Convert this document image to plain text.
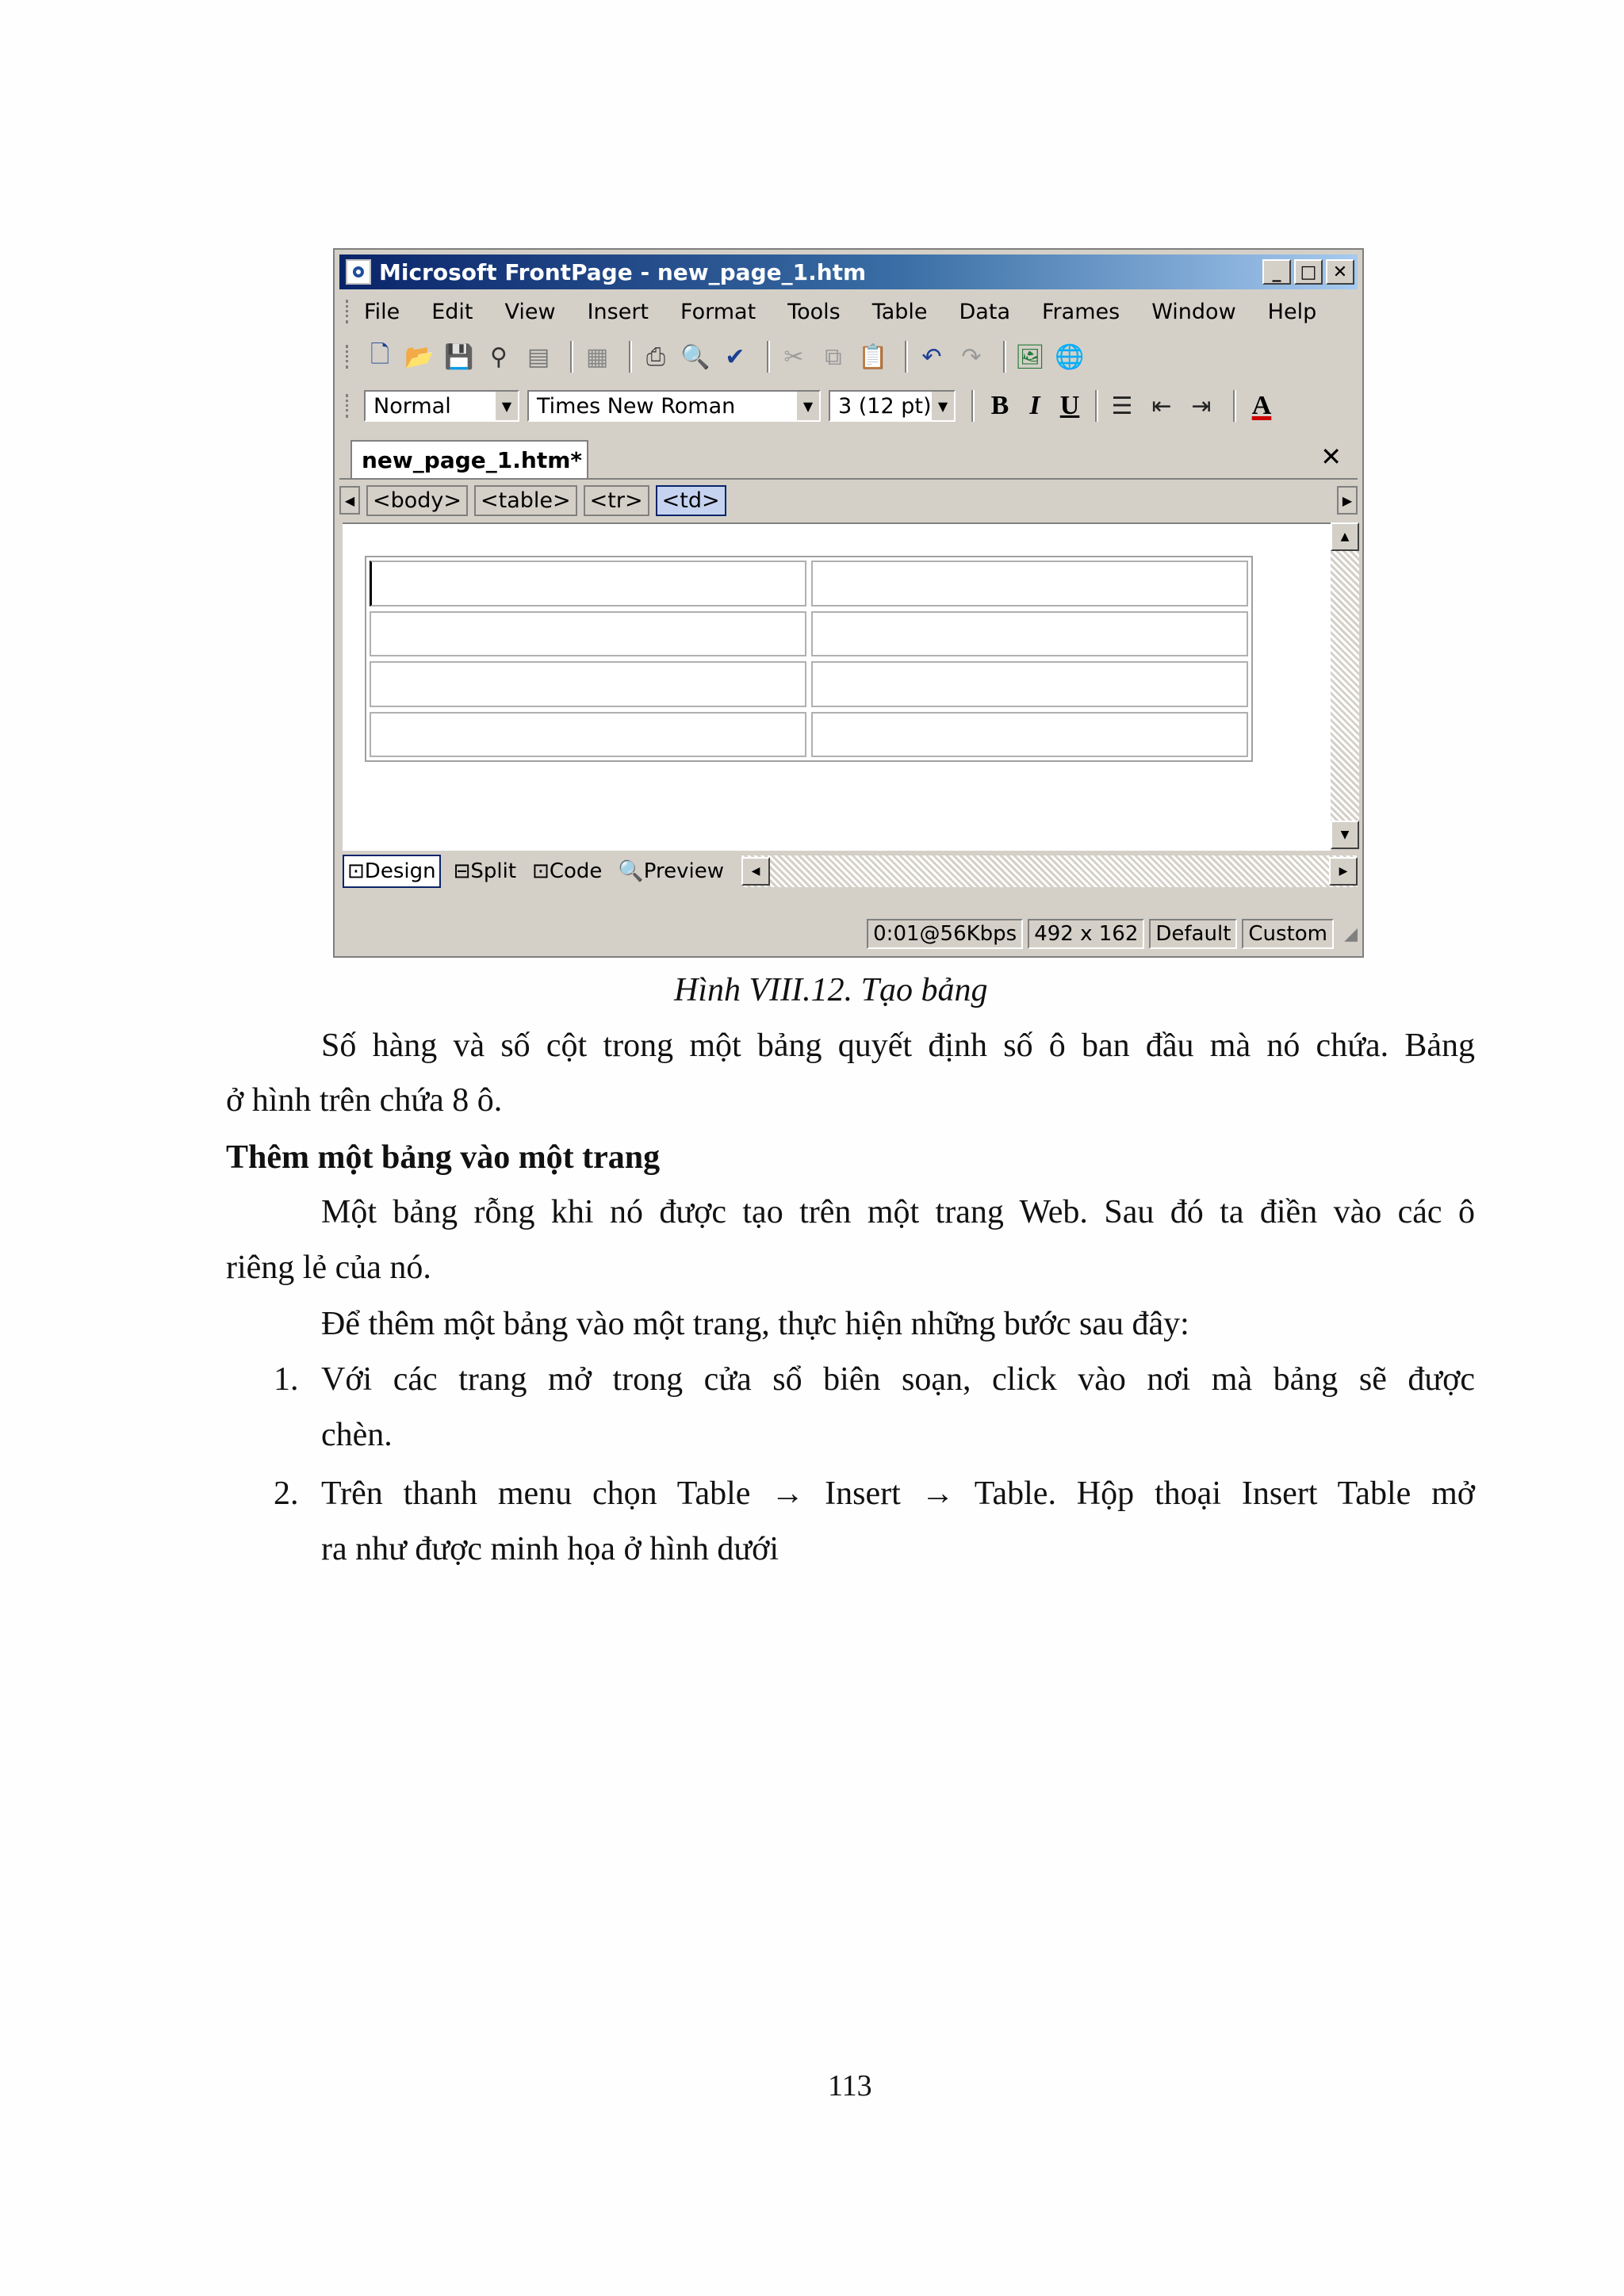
Microsoft FrontPage - new_page_1.htm	_	□ ✕
File Edit View Insert Format Tools Table Data Frames Window Help
🗋 📂 💾 ⚲ ▤ ▦ ⎙ 🔍 ✔ ✂ ⧉ 📋 ↶ ↷ 🖼 🌐
Normal	▼ Times New Roman	▼ 3 (12 pt) ▼	B I U	☰ ⇤ ⇥ A
new_page_1.htm*	✕
◀ <body> <table> <tr> <td>	▶
▲
▼
⊡ Design ⊟ Split ⊡ Code 🔍 Preview	◀	▶
0:01@56Kbps 492 x 162 Default Custom ◢
Hình VIII.12. Tạo bảng
Số hàng và số cột trong một bảng quyết định số ô ban đầu mà nó chứa. Bảng
ở hình trên chứa 8 ô.
Thêm một bảng vào một trang
Một bảng rỗng khi nó được tạo trên một trang Web. Sau đó ta điền vào các ô
riêng lẻ của nó.
Để thêm một bảng vào một trang, thực hiện những bước sau đây:
1. Với các trang mở trong cửa sổ biên soạn, click vào nơi mà bảng sẽ được
chèn.
2. Trên thanh menu chọn Table → Insert → Table. Hộp thoại Insert Table mở
ra như được minh họa ở hình dưới
113
